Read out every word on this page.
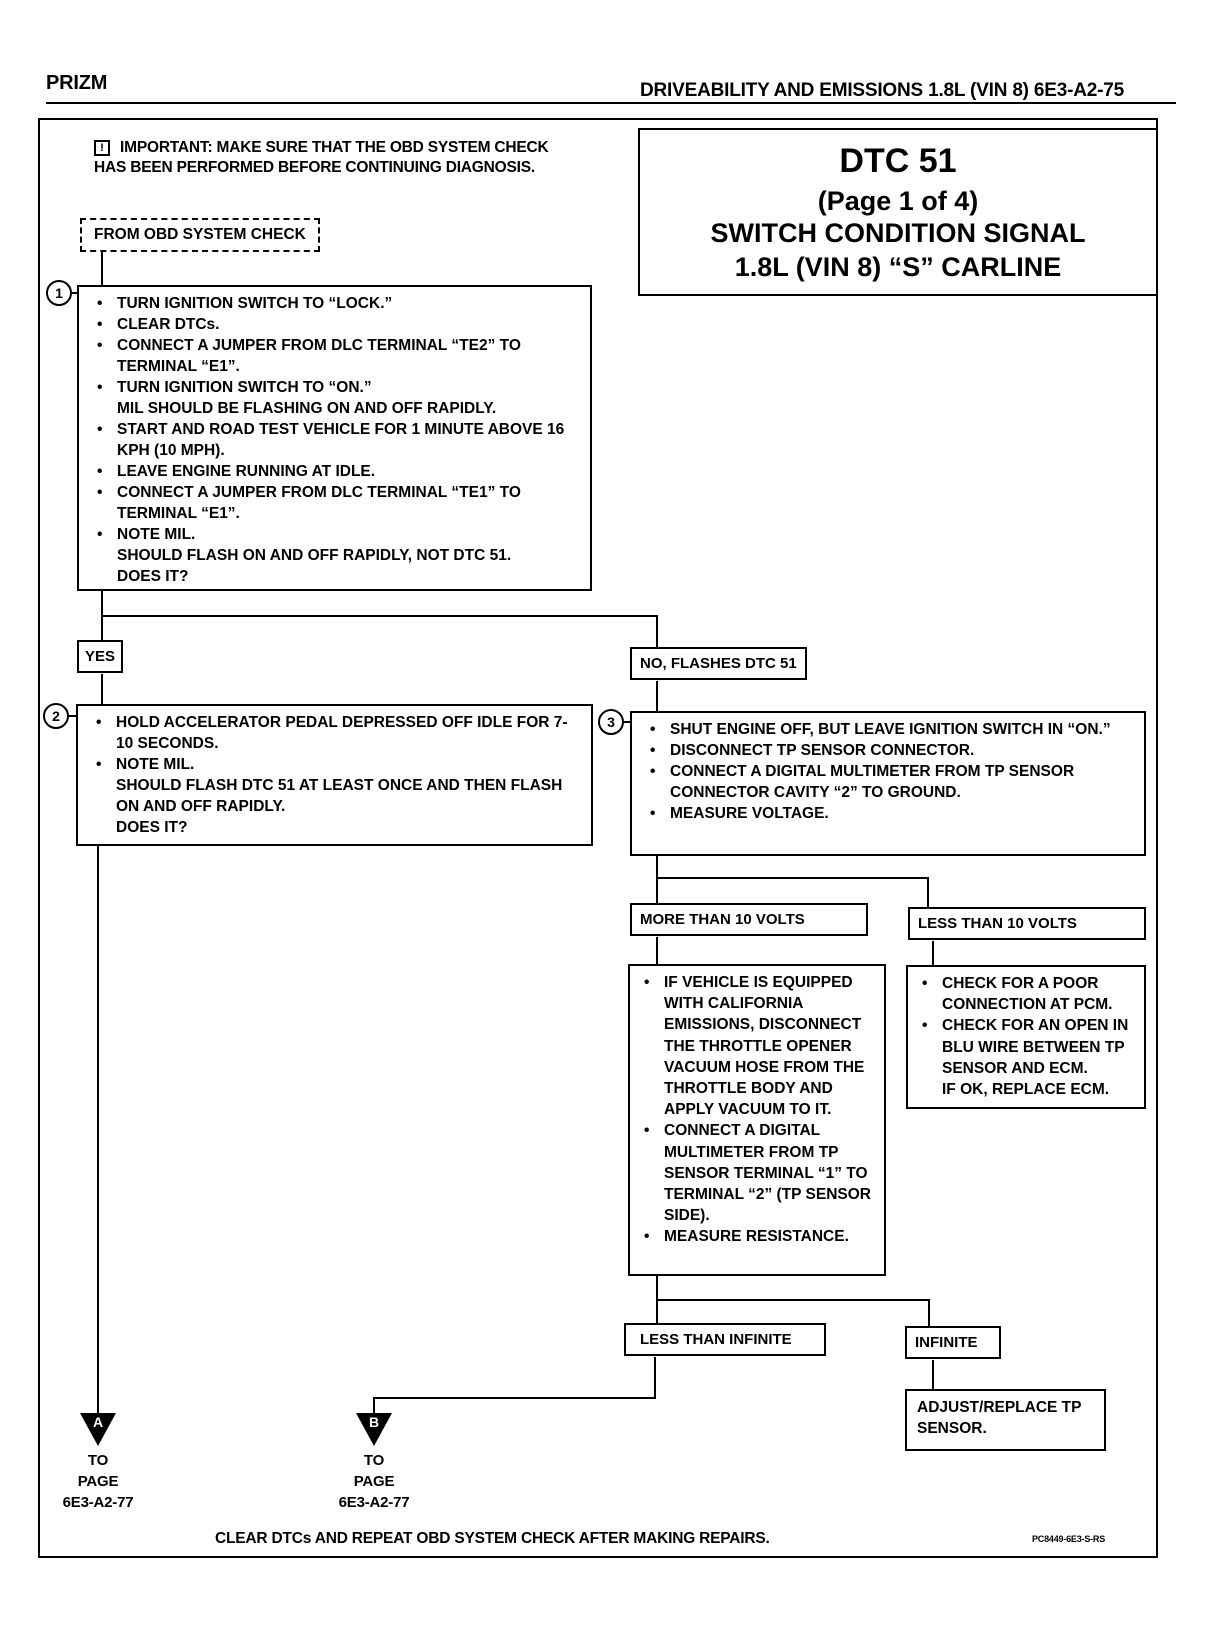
PRIZM	DRIVEABILITY AND EMISSIONS 1.8L (VIN 8) 6E3-A2-75
!	IMPORTANT: MAKE SURE THAT THE OBD SYSTEM CHECK
HAS BEEN PERFORMED BEFORE CONTINUING DIAGNOSIS.	DTC 51
(Page 1 of 4)
SWITCH CONDITION SIGNAL
1.8L (VIN 8) “S” CARLINE
FROM OBD SYSTEM CHECK
1
• TURN IGNITION SWITCH TO “LOCK.”
• CLEAR DTCs.
• CONNECT A JUMPER FROM DLC TERMINAL “TE2” TO TERMINAL “E1”.
• TURN IGNITION SWITCH TO “ON.”
MIL SHOULD BE FLASHING ON AND OFF RAPIDLY.
• START AND ROAD TEST VEHICLE FOR 1 MINUTE ABOVE 16 KPH (10 MPH).
• LEAVE ENGINE RUNNING AT IDLE.
• CONNECT A JUMPER FROM DLC TERMINAL “TE1” TO TERMINAL “E1”.
• NOTE MIL.
SHOULD FLASH ON AND OFF RAPIDLY, NOT DTC 51.
DOES IT?
YES	NO, FLASHES DTC 51
2	• HOLD ACCELERATOR PEDAL DEPRESSED OFF IDLE FOR 7-10 SECONDS.
• NOTE MIL.
SHOULD FLASH DTC 51 AT LEAST ONCE AND THEN FLASH ON AND OFF RAPIDLY.
DOES IT?
3	• SHUT ENGINE OFF, BUT LEAVE IGNITION SWITCH IN “ON.”
• DISCONNECT TP SENSOR CONNECTOR.
• CONNECT A DIGITAL MULTIMETER FROM TP SENSOR CONNECTOR CAVITY “2” TO GROUND.
• MEASURE VOLTAGE.
MORE THAN 10 VOLTS	LESS THAN 10 VOLTS
• IF VEHICLE IS EQUIPPED WITH CALIFORNIA EMISSIONS, DISCONNECT THE THROTTLE OPENER VACUUM HOSE FROM THE THROTTLE BODY AND APPLY VACUUM TO IT.
• CONNECT A DIGITAL MULTIMETER FROM TP SENSOR TERMINAL “1” TO TERMINAL “2” (TP SENSOR SIDE).
• MEASURE RESISTANCE.
• CHECK FOR A POOR CONNECTION AT PCM.
• CHECK FOR AN OPEN IN BLU WIRE BETWEEN TP SENSOR AND ECM.
IF OK, REPLACE ECM.
LESS THAN INFINITE	INFINITE
ADJUST/REPLACE TP SENSOR.
A
TO
PAGE
6E3-A2-77
B
TO
PAGE
6E3-A2-77
CLEAR DTCs AND REPEAT OBD SYSTEM CHECK AFTER MAKING REPAIRS.	PC8449-6E3-S-RS
